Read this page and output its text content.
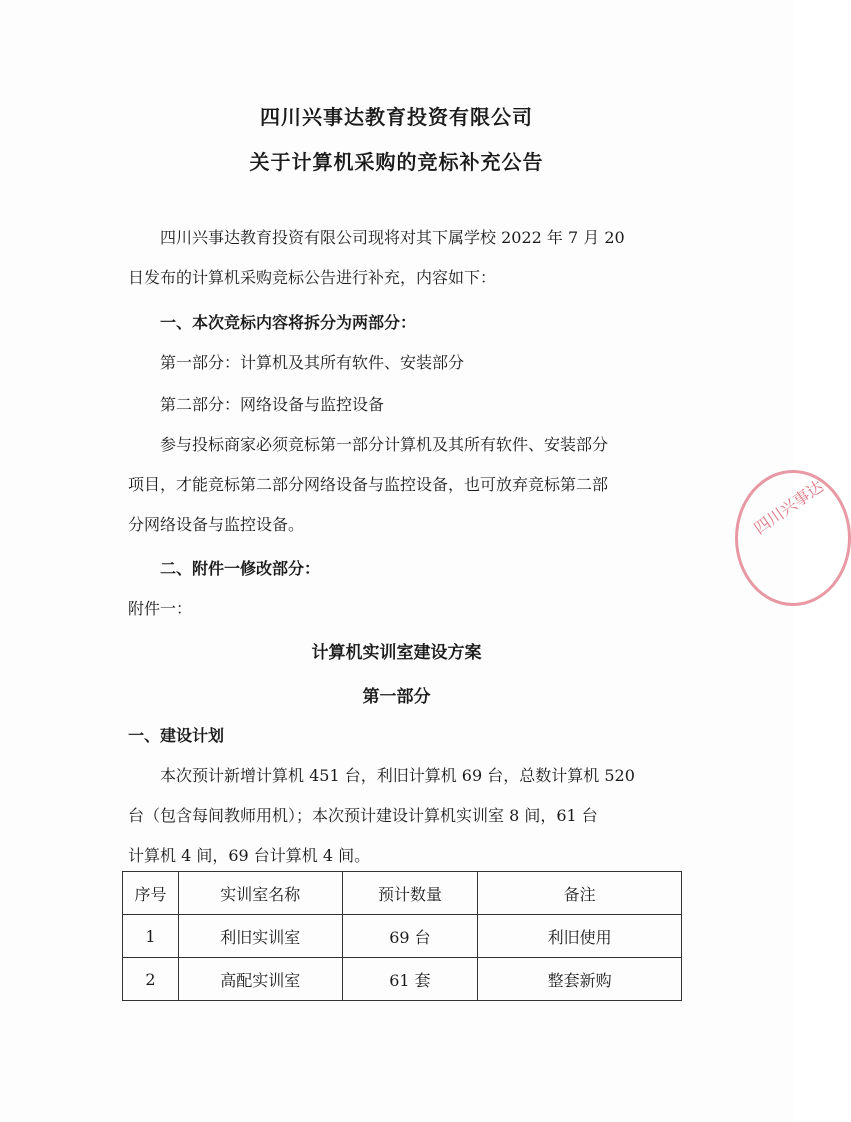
四川兴事达教育投资有限公司
关于计算机采购的竞标补充公告
四川兴事达教育投资有限公司现将对其下属学校 2022 年 7 月 20
日发布的计算机采购竞标公告进行补充，内容如下：
一、本次竞标内容将拆分为两部分：
第一部分：计算机及其所有软件、安装部分
第二部分：网络设备与监控设备
参与投标商家必须竞标第一部分计算机及其所有软件、安装部分
项目，才能竞标第二部分网络设备与监控设备，也可放弃竞标第二部
分网络设备与监控设备。
二、附件一修改部分：
附件一：
计算机实训室建设方案
第一部分
一、建设计划
本次预计新增计算机 451 台，利旧计算机 69 台，总数计算机 520
台（包含每间教师用机）；本次预计建设计算机实训室 8 间，61 台
计算机 4 间，69 台计算机 4 间。
序号	实训室名称	预计数量	备注
1	利旧实训室	69 台	利旧使用
2	高配实训室	61 套	整套新购
四川兴事达
